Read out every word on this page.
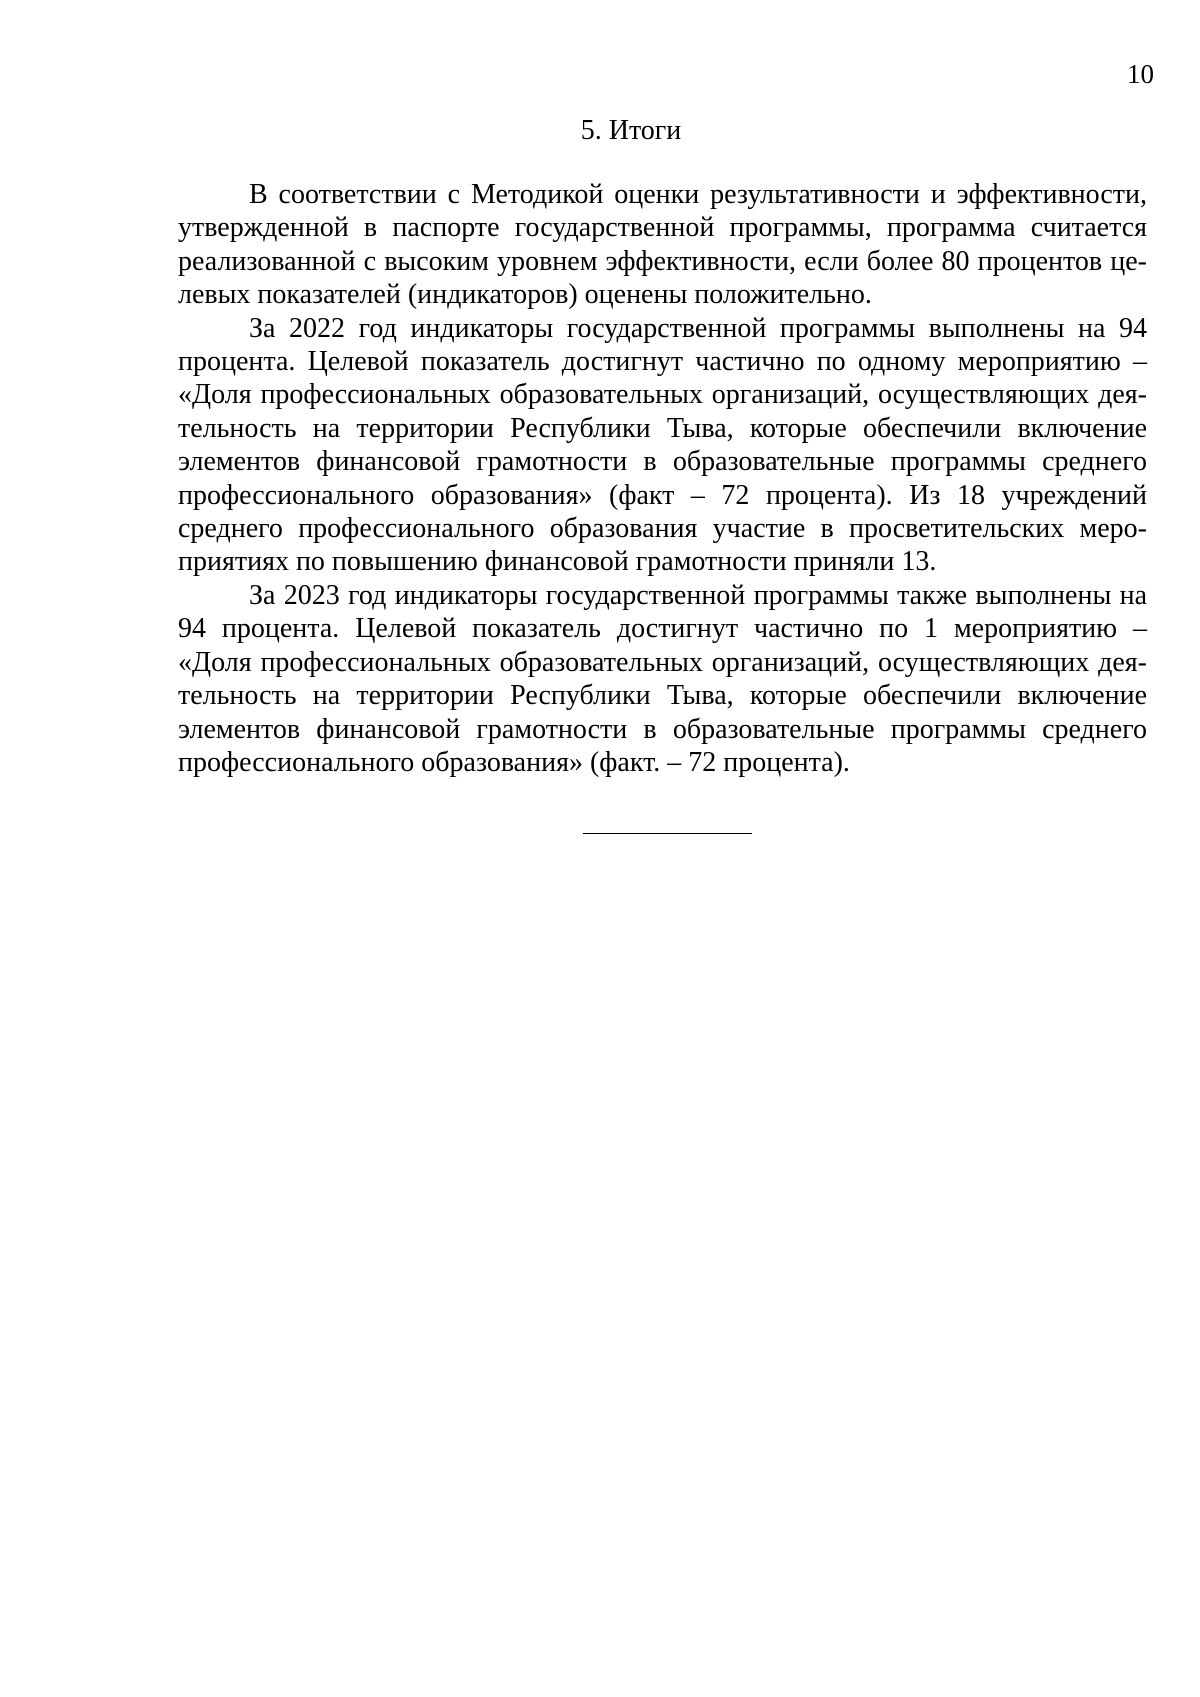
10
5. Итоги

В соответствии с Методикой оценки результативности и эффективности, утвержденной в паспорте государственной программы, программа считается реализованной с высоким уровнем эффективности, если более 80 процентов целевых показателей (индикаторов) оценены положительно.

За 2022 год индикаторы государственной программы выполнены на 94 процента. Целевой показатель достигнут частично по одному мероприятию – «Доля профессиональных образовательных организаций, осуществляющих деятельность на территории Республики Тыва, которые обеспечили включение элементов финансовой грамотности в образовательные программы среднего профессионального образования» (факт – 72 процента). Из 18 учреждений среднего профессионального образования участие в просветительских мероприятиях по повышению финансовой грамотности приняли 13.

За 2023 год индикаторы государственной программы также выполнены на 94 процента. Целевой показатель достигнут частично по 1 мероприятию – «Доля профессиональных образовательных организаций, осуществляющих деятельность на территории Республики Тыва, которые обеспечили включение элементов финансовой грамотности в образовательные программы среднего профессионального образования» (факт. – 72 процента).
